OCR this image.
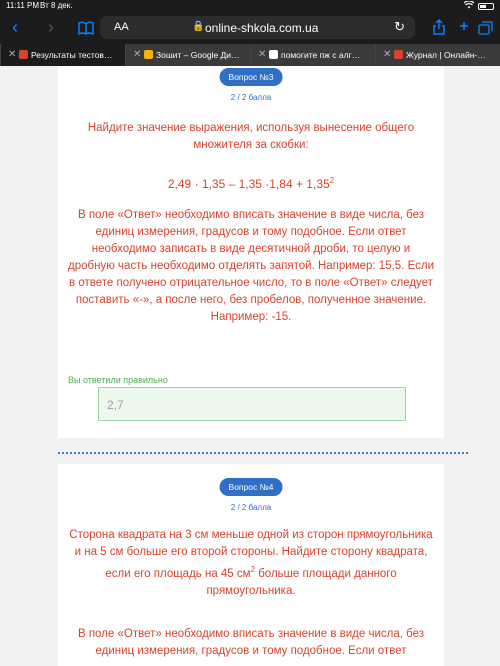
11:11 PM Вт 8 дек.
‹ ›	AA	🔒 online-shkola.com.ua	↻
✕ Результаты тестов…	✕ Зошит – Google Ди…	✕ помогите пж с алг…	✕ Журнал | Онлайн-…
Вопрос №3
2 / 2 балла
Найдите значение выражения, используя вынесение общего множителя за скобки:
$2,49 \cdot 1,35 - 1,35 \cdot 1,84 + 1,35^2$
В поле «Ответ» необходимо вписать значение в виде числа, без единиц измерения, градусов и тому подобное. Если ответ необходимо записать в виде десятичной дроби, то целую и дробную часть необходимо отделять запятой. Например: 15,5. Если в ответе получено отрицательное число, то в поле «Ответ» следует поставить «-», а после него, без пробелов, полученное значение. Например: -15.
Вы ответили правильно
2,7
Вопрос №4
2 / 2 балла
Сторона квадрата на 3 см меньше одной из сторон прямоугольника и на 5 см больше его второй стороны. Найдите сторону квадрата, если его площадь на 45 $см^2$ больше площади данного прямоугольника.
В поле «Ответ» необходимо вписать значение в виде числа, без единиц измерения, градусов и тому подобное. Если ответ
